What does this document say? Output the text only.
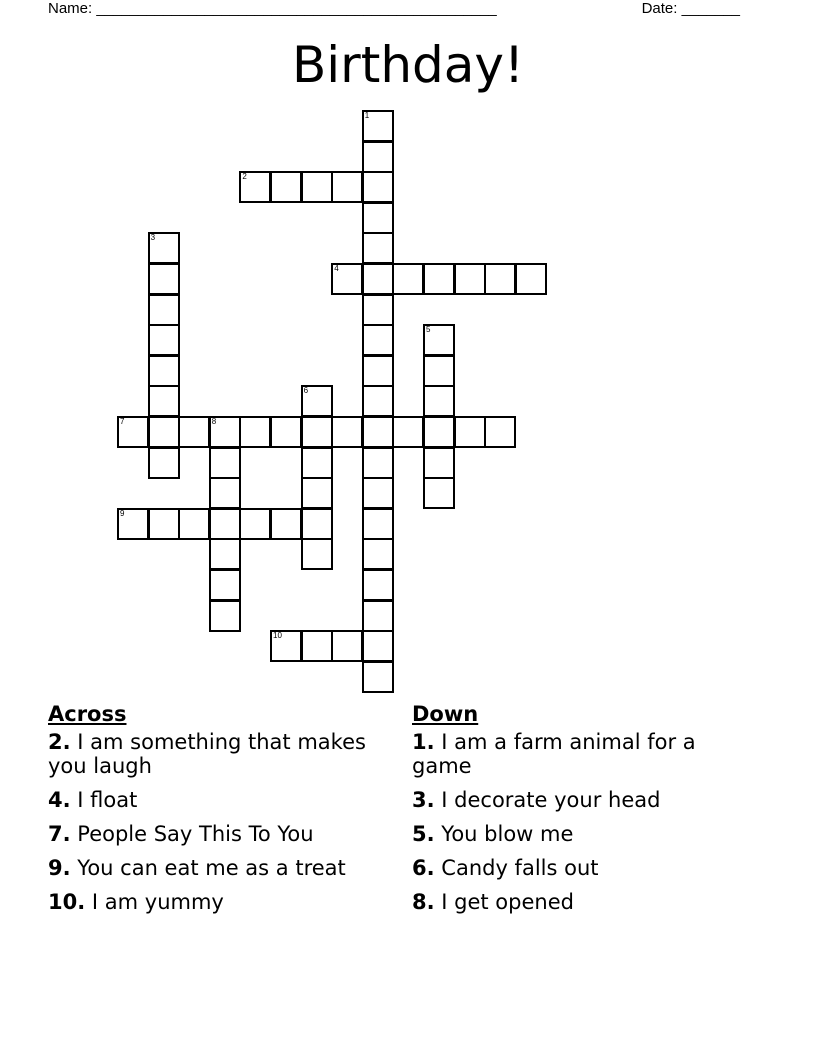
Name: ________________________________________________	Date: _______
Birthday!
1
2
3
4
5
6
7	8
9
10
Across
2. I am something that makes you laugh
4. I float
7. People Say This To You
9. You can eat me as a treat
10. I am yummy
Down
1. I am a farm animal for a game
3. I decorate your head
5. You blow me
6. Candy falls out
8. I get opened
